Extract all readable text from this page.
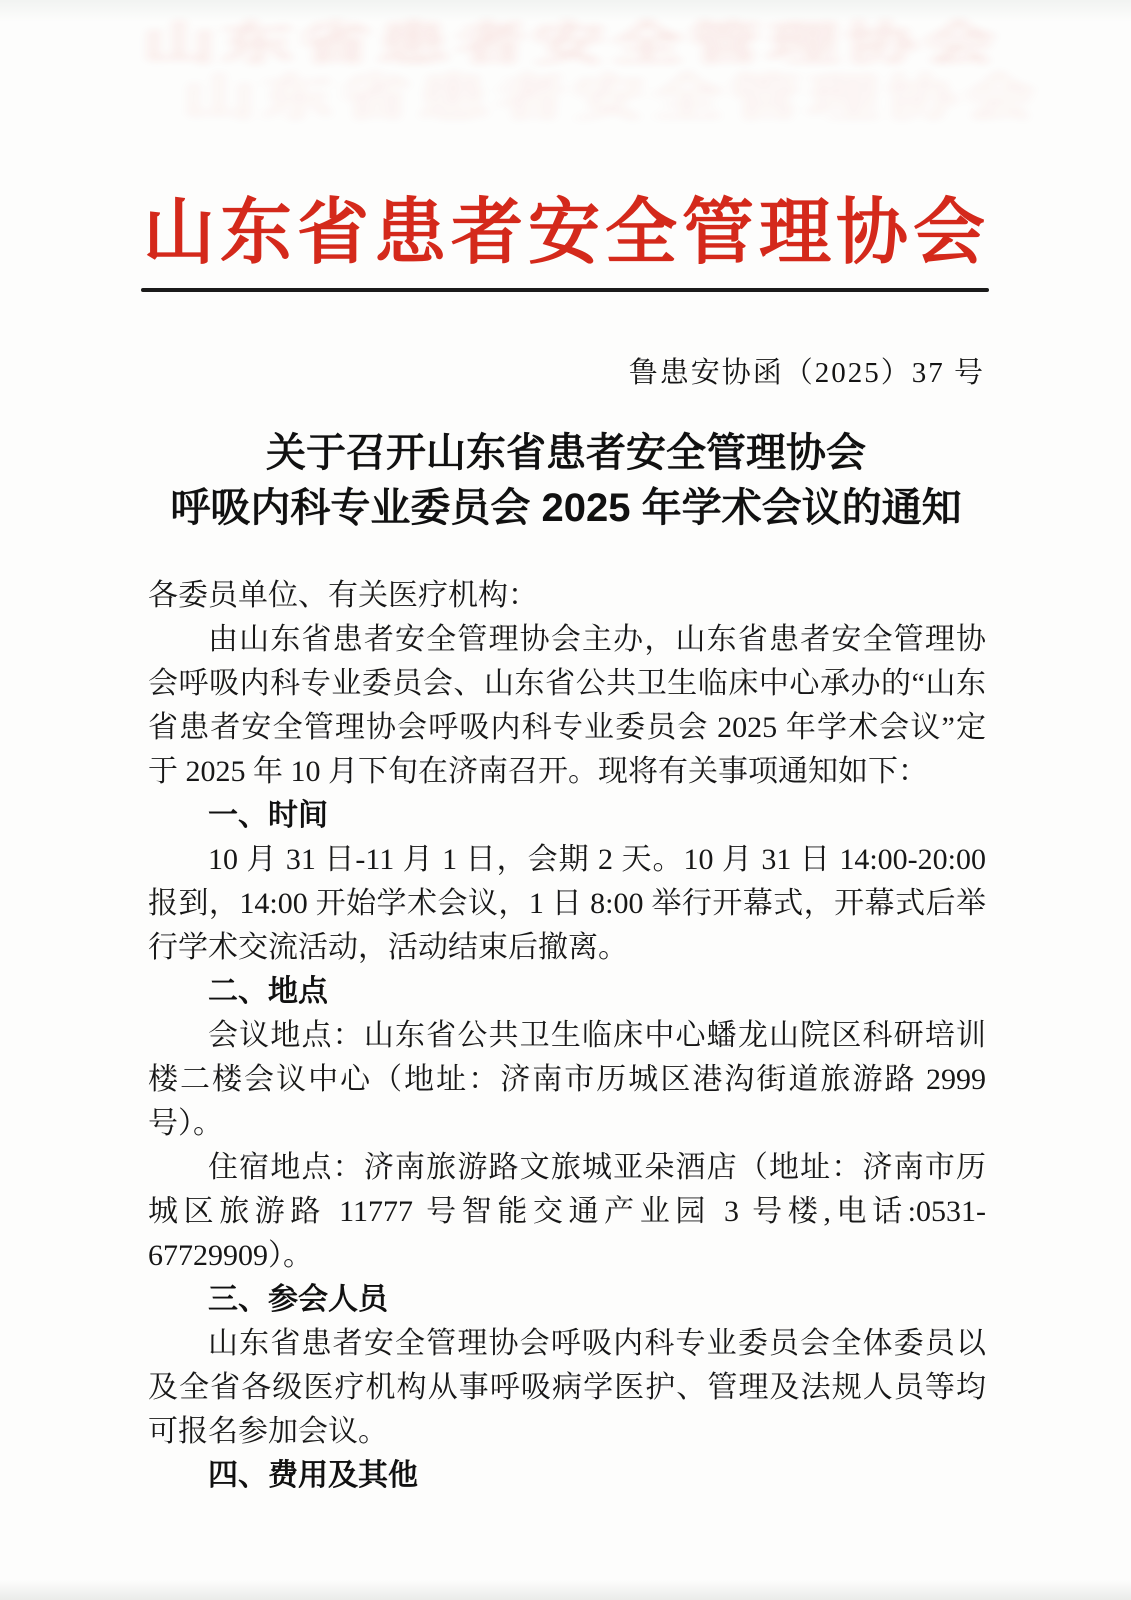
山东省患者安全管理协会
山东省患者安全管理协会
山东省患者安全管理协会
鲁患安协函（2025）37 号
关于召开山东省患者安全管理协会
呼吸内科专业委员会 2025 年学术会议的通知

各委员单位、有关医疗机构：

由山东省患者安全管理协会主办，山东省患者安全管理协会呼吸内科专业委员会、山东省公共卫生临床中心承办的“山东省患者安全管理协会呼吸内科专业委员会 2025 年学术会议”定于 2025 年 10 月下旬在济南召开。现将有关事项通知如下：

一、时间

10 月 31 日-11 月 1 日，会期 2 天。10 月 31 日 14:00-20:00 报到，14:00 开始学术会议，1 日 8:00 举行开幕式，开幕式后举行学术交流活动，活动结束后撤离。

二、地点

会议地点：山东省公共卫生临床中心蟠龙山院区科研培训楼二楼会议中心（地址：济南市历城区港沟街道旅游路 2999 号）。

住宿地点：济南旅游路文旅城亚朵酒店（地址：济南市历城区旅游路 11777 号智能交通产业园 3 号楼,电话:0531-67729909）。

三、参会人员

山东省患者安全管理协会呼吸内科专业委员会全体委员以及全省各级医疗机构从事呼吸病学医护、管理及法规人员等均可报名参加会议。

四、费用及其他
